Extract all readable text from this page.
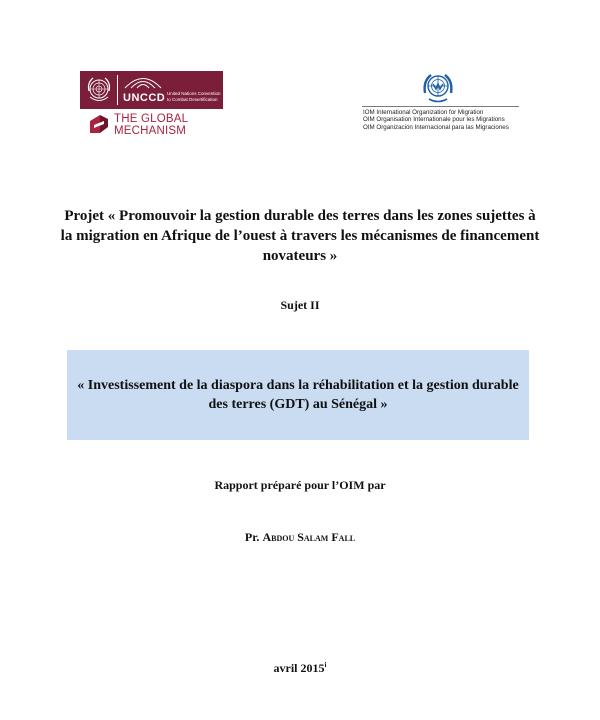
UNCCD United Nations Convention
to Combat Desertification
THE GLOBAL
MECHANISM
IOM International Organization for Migration
OIM Organisation Internationale pour les Migrations
OIM Organización Internacional para las Migraciones
Projet « Promouvoir la gestion durable des terres dans les zones sujettes à la migration en Afrique de l’ouest à travers les mécanismes de financement novateurs »
Sujet II
« Investissement de la diaspora dans la réhabilitation et la gestion durable des terres (GDT) au Sénégal »
Rapport préparé pour l’OIM par
Pr. Abdou Salam Fall
avril 2015$^i$
